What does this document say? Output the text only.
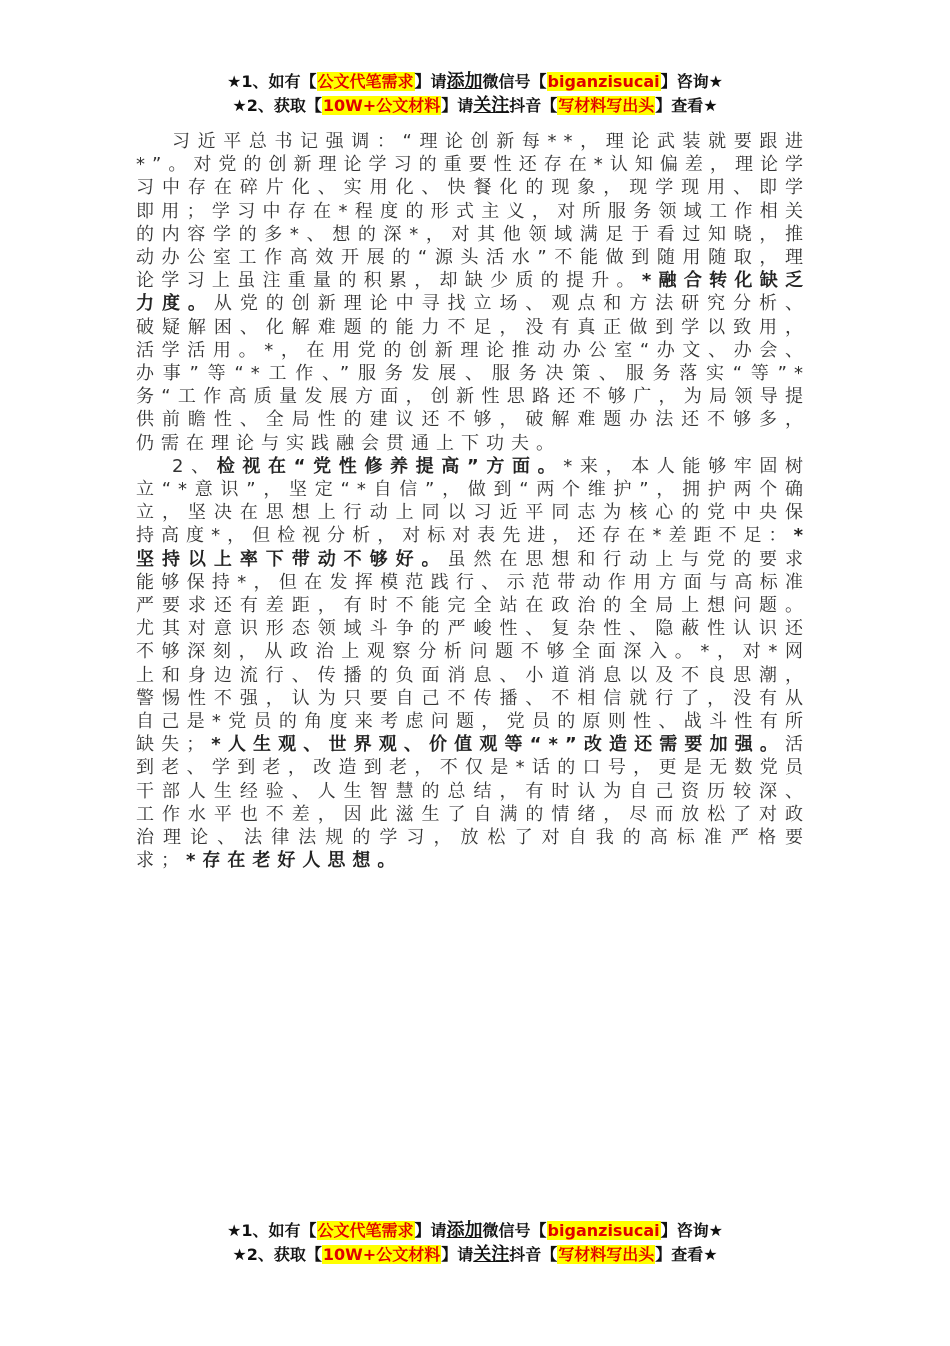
★1、如有【公文代笔需求】请添加微信号【biganzisucai】咨询★
★2、获取【10W+公文材料】请关注抖音【写材料写出头】查看★

习近平总书记强调：“理论创新每**，理论武装就要跟进*”。对党的创新理论学习的重要性还存在*认知偏差，理论学习中存在碎片化、实用化、快餐化的现象，现学现用、即学即用；学习中存在*程度的形式主义，对所服务领域工作相关的内容学的多*、想的深*，对其他领域满足于看过知晓，推动办公室工作高效开展的“源头活水”不能做到随用随取，理论学习上虽注重量的积累，却缺少质的提升。*融合转化缺乏力度。从党的创新理论中寻找立场、观点和方法研究分析、破疑解困、化解难题的能力不足，没有真正做到学以致用，活学活用。*，在用党的创新理论推动办公室“办文、办会、办事”等“*工作、”服务发展、服务决策、服务落实“等”*务“工作高质量发展方面，创新性思路还不够广，为局领导提供前瞻性、全局性的建议还不够，破解难题办法还不够多，仍需在理论与实践融会贯通上下功夫。

2、检视在“党性修养提高”方面。*来，本人能够牢固树立“*意识”，坚定“*自信”，做到“两个维护”，拥护两个确立，坚决在思想上行动上同以习近平同志为核心的党中央保持高度*，但检视分析，对标对表先进，还存在*差距不足：*坚持以上率下带动不够好。虽然在思想和行动上与党的要求能够保持*，但在发挥模范践行、示范带动作用方面与高标准严要求还有差距，有时不能完全站在政治的全局上想问题。尤其对意识形态领域斗争的严峻性、复杂性、隐蔽性认识还不够深刻，从政治上观察分析问题不够全面深入。*，对*网上和身边流行、传播的负面消息、小道消息以及不良思潮，警惕性不强，认为只要自己不传播、不相信就行了，没有从自己是*党员的角度来考虑问题，党员的原则性、战斗性有所缺失；*人生观、世界观、价值观等“*”改造还需要加强。活到老、学到老，改造到老，不仅是*话的口号，更是无数党员干部人生经验、人生智慧的总结，有时认为自己资历较深、工作水平也不差，因此滋生了自满的情绪，尽而放松了对政治理论、法律法规的学习，放松了对自我的高标准严格要求；*存在老好人思想。

★1、如有【公文代笔需求】请添加微信号【biganzisucai】咨询★
★2、获取【10W+公文材料】请关注抖音【写材料写出头】查看★
